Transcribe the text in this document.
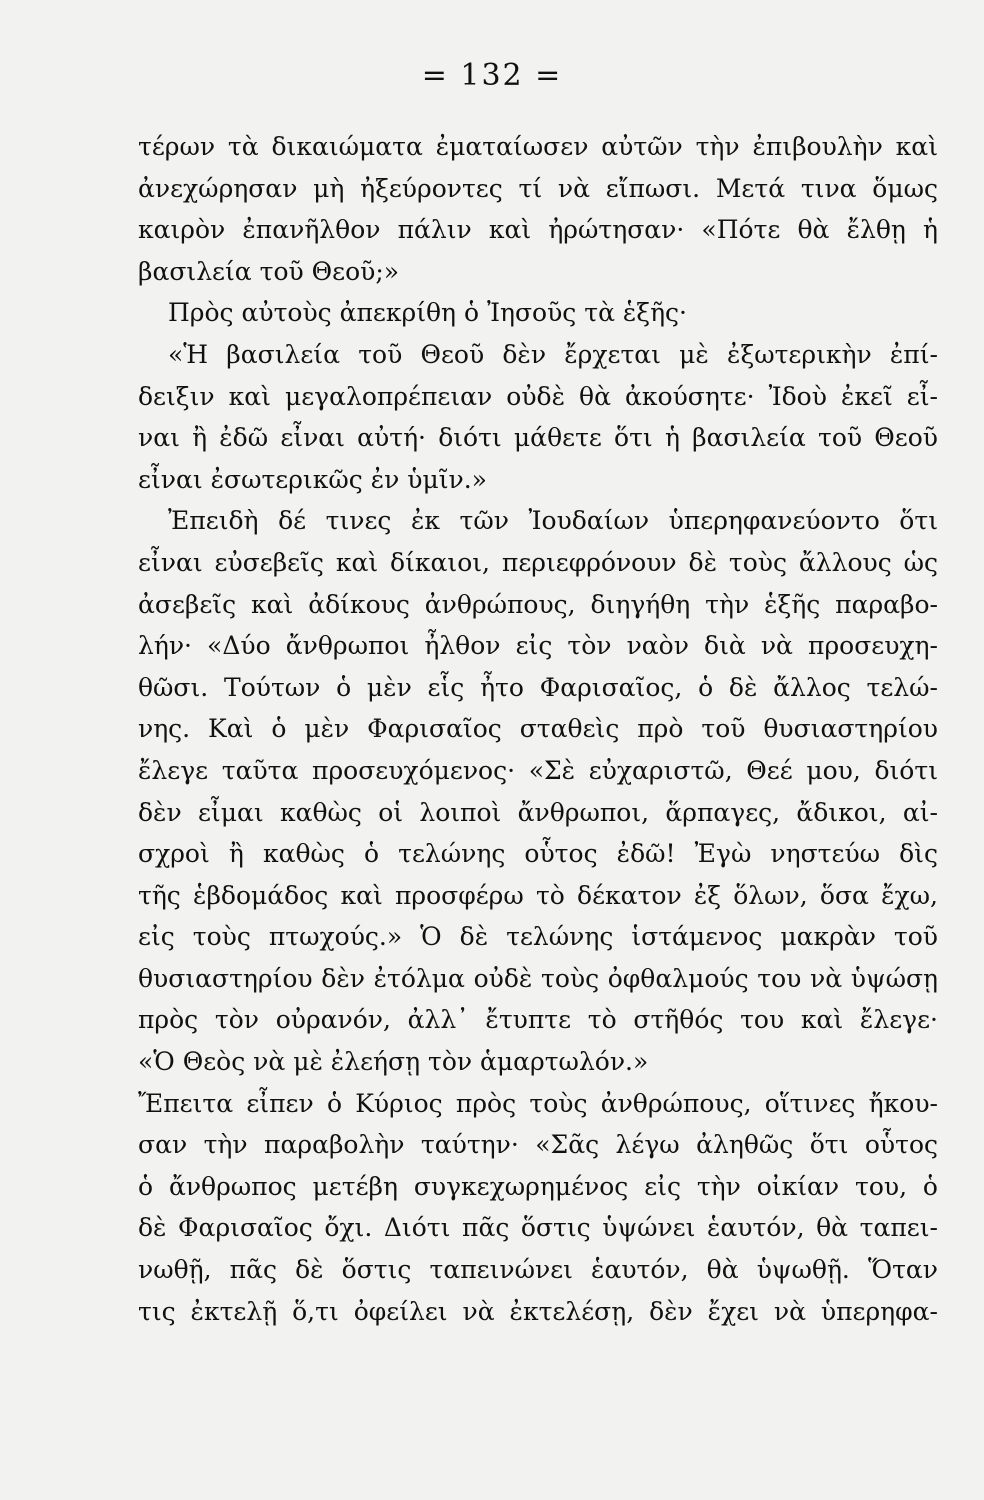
= 132 =
τέρων τὰ δικαιώματα ἐματαίωσεν αὐτῶν τὴν ἐπιβουλὴν καὶ
ἀνεχώρησαν μὴ ἠξεύροντες τί νὰ εἴπωσι. Μετά τινα ὅμως
καιρὸν ἐπανῆλθον πάλιν καὶ ἠρώτησαν· «Πότε θὰ ἔλθῃ ἡ
βασιλεία τοῦ Θεοῦ;»
Πρὸς αὐτοὺς ἀπεκρίθη ὁ Ἰησοῦς τὰ ἑξῆς·
«Ἡ βασιλεία τοῦ Θεοῦ δὲν ἔρχεται μὲ ἐξωτερικὴν ἐπί-
δειξιν καὶ μεγαλοπρέπειαν οὐδὲ θὰ ἀκούσητε· Ἰδοὺ ἐκεῖ εἶ-
ναι ἢ ἐδῶ εἶναι αὐτή· διότι μάθετε ὅτι ἡ βασιλεία τοῦ Θεοῦ
εἶναι ἐσωτερικῶς ἐν ὑμῖν.»
Ἐπειδὴ δέ τινες ἐκ τῶν Ἰουδαίων ὑπερηφανεύοντο ὅτι
εἶναι εὐσεβεῖς καὶ δίκαιοι, περιεφρόνουν δὲ τοὺς ἄλλους ὡς
ἀσεβεῖς καὶ ἀδίκους ἀνθρώπους, διηγήθη τὴν ἑξῆς παραβο-
λήν· «Δύο ἄνθρωποι ἦλθον εἰς τὸν ναὸν διὰ νὰ προσευχη-
θῶσι. Τούτων ὁ μὲν εἷς ἦτο Φαρισαῖος, ὁ δὲ ἄλλος τελώ-
νης. Καὶ ὁ μὲν Φαρισαῖος σταθεὶς πρὸ τοῦ θυσιαστηρίου
ἔλεγε ταῦτα προσευχόμενος· «Σὲ εὐχαριστῶ, Θεέ μου, διότι
δὲν εἶμαι καθὼς οἱ λοιποὶ ἄνθρωποι, ἅρπαγες, ἄδικοι, αἰ-
σχροὶ ἢ καθὼς ὁ τελώνης οὗτος ἐδῶ! Ἐγὼ νηστεύω δὶς
τῆς ἑβδομάδος καὶ προσφέρω τὸ δέκατον ἐξ ὅλων, ὅσα ἔχω,
εἰς τοὺς πτωχούς.» Ὁ δὲ τελώνης ἱστάμενος μακρὰν τοῦ
θυσιαστηρίου δὲν ἐτόλμα οὐδὲ τοὺς ὀφθαλμούς του νὰ ὑψώσῃ
πρὸς τὸν οὐρανόν, ἀλλ᾽ ἔτυπτε τὸ στῆθός του καὶ ἔλεγε·
«Ὁ Θεὸς νὰ μὲ ἐλεήσῃ τὸν ἁμαρτωλόν.»
Ἔπειτα εἶπεν ὁ Κύριος πρὸς τοὺς ἀνθρώπους, οἵτινες ἤκου-
σαν τὴν παραβολὴν ταύτην· «Σᾶς λέγω ἀληθῶς ὅτι οὗτος
ὁ ἄνθρωπος μετέβη συγκεχωρημένος εἰς τὴν οἰκίαν του, ὁ
δὲ Φαρισαῖος ὄχι. Διότι πᾶς ὅστις ὑψώνει ἑαυτόν, θὰ ταπει-
νωθῇ, πᾶς δὲ ὅστις ταπεινώνει ἑαυτόν, θὰ ὑψωθῇ. Ὅταν
τις ἐκτελῇ ὅ,τι ὀφείλει νὰ ἐκτελέσῃ, δὲν ἔχει νὰ ὑπερηφα-
